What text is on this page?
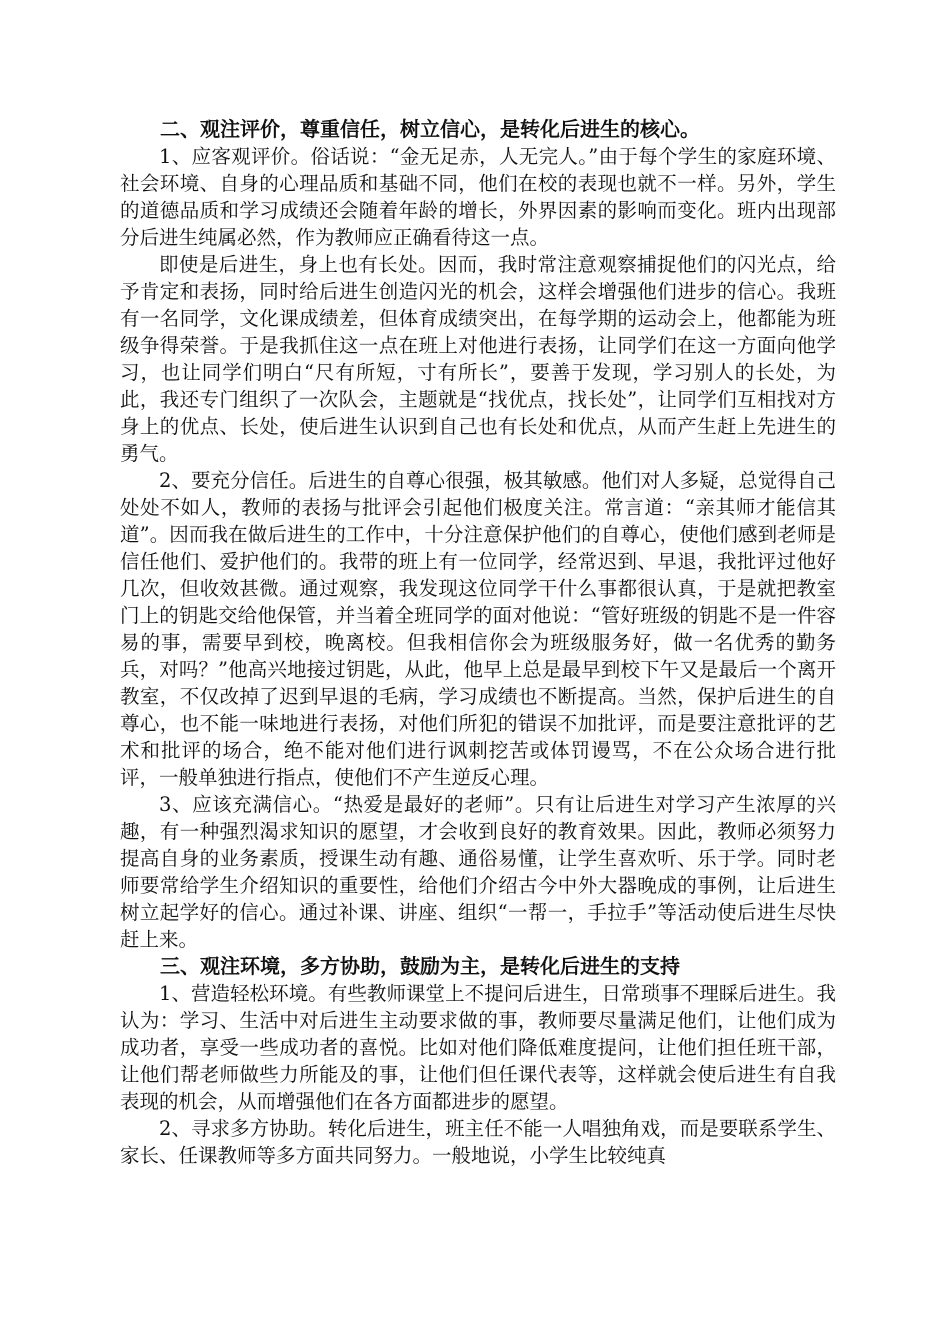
二、观注评价，尊重信任，树立信心，是转化后进生的核心。

1、应客观评价。俗话说：“金无足赤，人无完人。”由于每个学生的家庭环境、社会环境、自身的心理品质和基础不同，他们在校的表现也就不一样。另外，学生的道德品质和学习成绩还会随着年龄的增长，外界因素的影响而变化。班内出现部分后进生纯属必然，作为教师应正确看待这一点。

即使是后进生，身上也有长处。因而，我时常注意观察捕捉他们的闪光点，给予肯定和表扬，同时给后进生创造闪光的机会，这样会增强他们进步的信心。我班有一名同学，文化课成绩差，但体育成绩突出，在每学期的运动会上，他都能为班级争得荣誉。于是我抓住这一点在班上对他进行表扬，让同学们在这一方面向他学习，也让同学们明白“尺有所短，寸有所长”，要善于发现，学习别人的长处，为此，我还专门组织了一次队会，主题就是“找优点，找长处”，让同学们互相找对方身上的优点、长处，使后进生认识到自己也有长处和优点，从而产生赶上先进生的勇气。

2、要充分信任。后进生的自尊心很强，极其敏感。他们对人多疑，总觉得自己处处不如人，教师的表扬与批评会引起他们极度关注。常言道：“亲其师才能信其道”。因而我在做后进生的工作中，十分注意保护他们的自尊心，使他们感到老师是信任他们、爱护他们的。我带的班上有一位同学，经常迟到、早退，我批评过他好几次，但收效甚微。通过观察，我发现这位同学干什么事都很认真，于是就把教室门上的钥匙交给他保管，并当着全班同学的面对他说：“管好班级的钥匙不是一件容易的事，需要早到校，晚离校。但我相信你会为班级服务好，做一名优秀的勤务兵，对吗？”他高兴地接过钥匙，从此，他早上总是最早到校下午又是最后一个离开教室，不仅改掉了迟到早退的毛病，学习成绩也不断提高。当然，保护后进生的自尊心，也不能一味地进行表扬，对他们所犯的错误不加批评，而是要注意批评的艺术和批评的场合，绝不能对他们进行讽刺挖苦或体罚谩骂，不在公众场合进行批评，一般单独进行指点，使他们不产生逆反心理。

3、应该充满信心。“热爱是最好的老师”。只有让后进生对学习产生浓厚的兴趣，有一种强烈渴求知识的愿望，才会收到良好的教育效果。因此，教师必须努力提高自身的业务素质，授课生动有趣、通俗易懂，让学生喜欢听、乐于学。同时老师要常给学生介绍知识的重要性，给他们介绍古今中外大器晚成的事例，让后进生树立起学好的信心。通过补课、讲座、组织“一帮一，手拉手”等活动使后进生尽快赶上来。

三、观注环境，多方协助，鼓励为主，是转化后进生的支持

1、营造轻松环境。有些教师课堂上不提问后进生，日常琐事不理睬后进生。我认为：学习、生活中对后进生主动要求做的事，教师要尽量满足他们，让他们成为成功者，享受一些成功者的喜悦。比如对他们降低难度提问，让他们担任班干部，让他们帮老师做些力所能及的事，让他们但任课代表等，这样就会使后进生有自我表现的机会，从而增强他们在各方面都进步的愿望。

2、寻求多方协助。转化后进生，班主任不能一人唱独角戏，而是要联系学生、家长、任课教师等多方面共同努力。一般地说，小学生比较纯真
